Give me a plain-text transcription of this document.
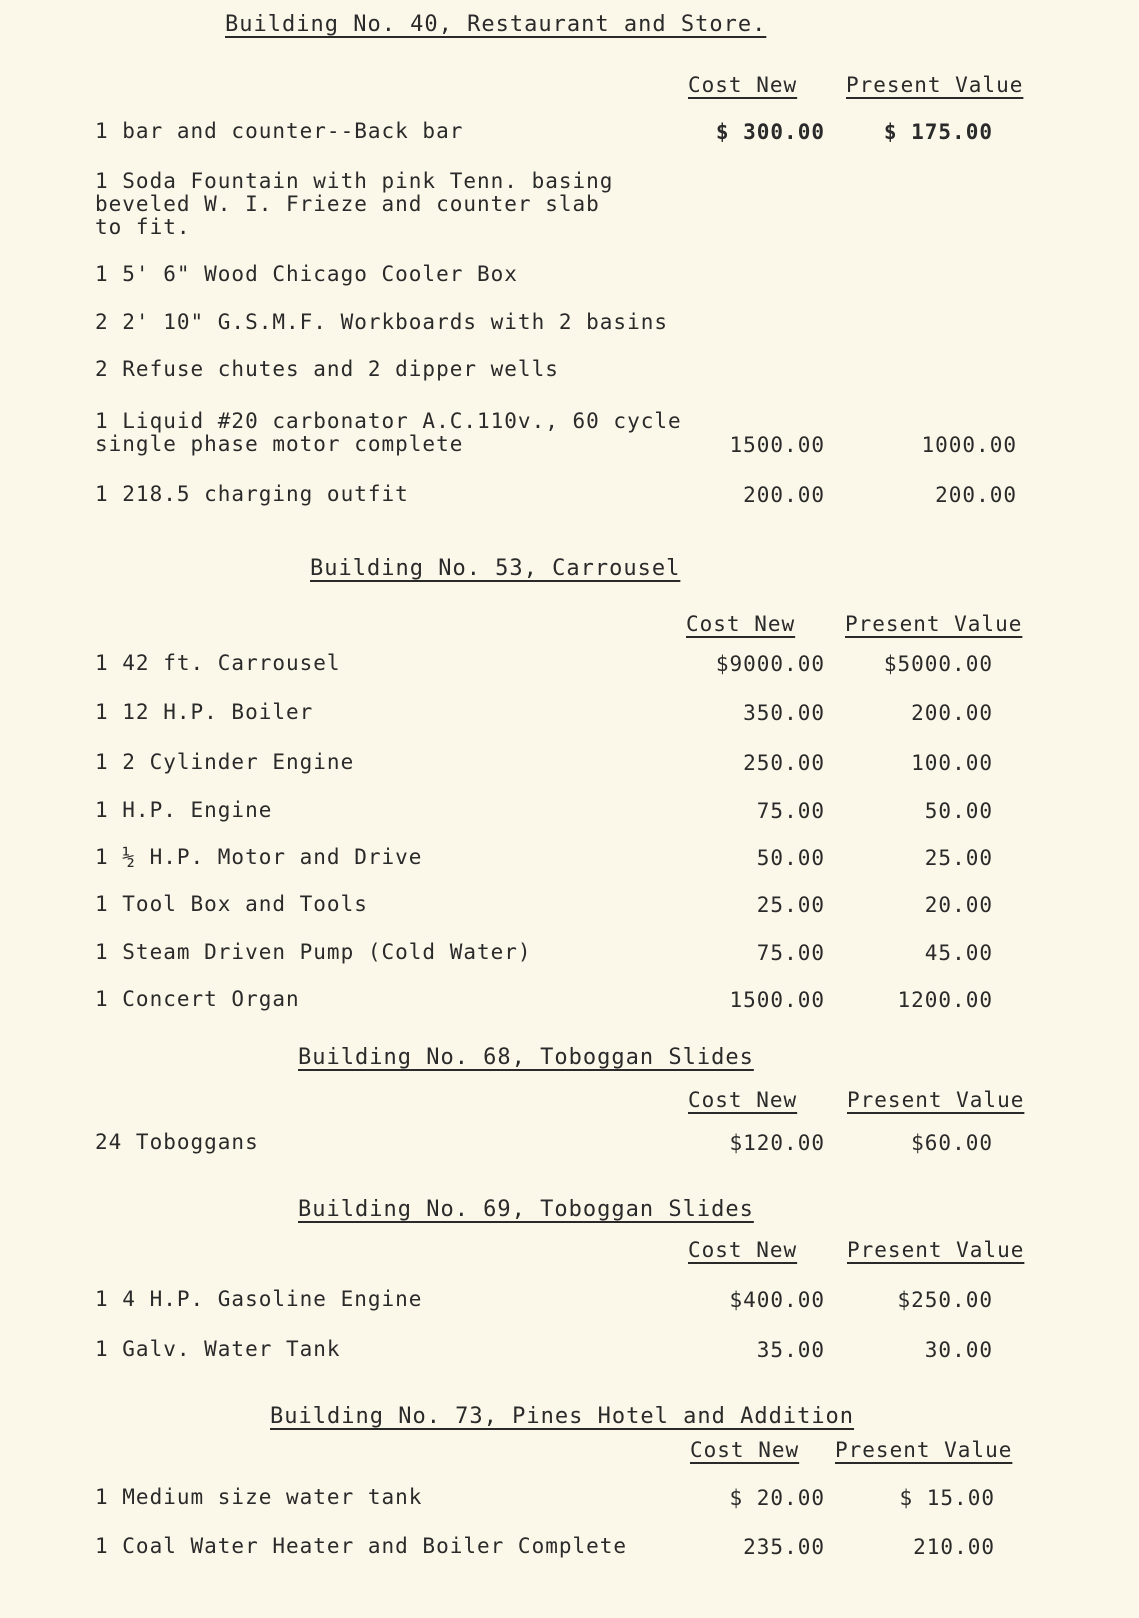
Building No. 40, Restaurant and Store.
Cost New Present Value
1 bar and counter--Back bar	$ 300.00	$ 175.00
1 Soda Fountain with pink Tenn. basing
beveled W. I. Frieze and counter slab
to fit.
1 5' 6" Wood Chicago Cooler Box
2 2' 10" G.S.M.F. Workboards with 2 basins
2 Refuse chutes and 2 dipper wells
1 Liquid #20 carbonator A.C.110v., 60 cycle
single phase motor complete	1500.00	1000.00
1 218.5 charging outfit	200.00	200.00
Building No. 53, Carrousel
Cost New Present Value
1 42 ft. Carrousel	$9000.00	$5000.00
1 12 H.P. Boiler	350.00	200.00
1 2 Cylinder Engine	250.00	100.00
1 H.P. Engine	75.00	50.00
1 ½ H.P. Motor and Drive	50.00	25.00
1 Tool Box and Tools	25.00	20.00
1 Steam Driven Pump (Cold Water)	75.00	45.00
1 Concert Organ	1500.00	1200.00
Building No. 68, Toboggan Slides
Cost New Present Value
24 Toboggans	$120.00	$60.00
Building No. 69, Toboggan Slides
Cost New Present Value
1 4 H.P. Gasoline Engine	$400.00	$250.00
1 Galv. Water Tank	35.00	30.00
Building No. 73, Pines Hotel and Addition
Cost New Present Value
1 Medium size water tank	$ 20.00	$ 15.00
1 Coal Water Heater and Boiler Complete	235.00	210.00
